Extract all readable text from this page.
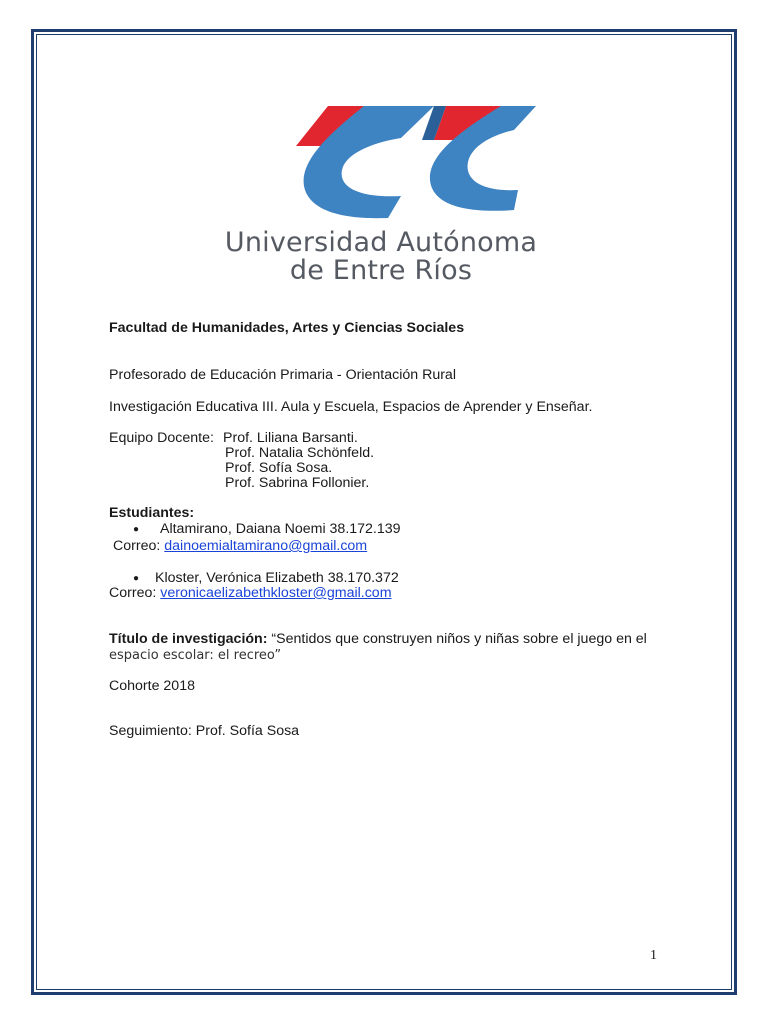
Universidad Autónoma
de Entre Ríos
Facultad de Humanidades, Artes y Ciencias Sociales
Profesorado de Educación Primaria - Orientación Rural
Investigación Educativa III. Aula y Escuela, Espacios de Aprender y Enseñar.
Equipo Docente: Prof. Liliana Barsanti.
Prof. Natalia Schönfeld.
Prof. Sofía Sosa.
Prof. Sabrina Follonier.
Estudiantes:
● Altamirano, Daiana Noemi 38.172.139
Correo: dainoemialtamirano@gmail.com
● Kloster, Verónica Elizabeth 38.170.372
Correo: veronicaelizabethkloster@gmail.com
Título de investigación: “Sentidos que construyen niños y niñas sobre el juego en el
espacio escolar: el recreo”
Cohorte 2018
Seguimiento: Prof. Sofía Sosa
1
